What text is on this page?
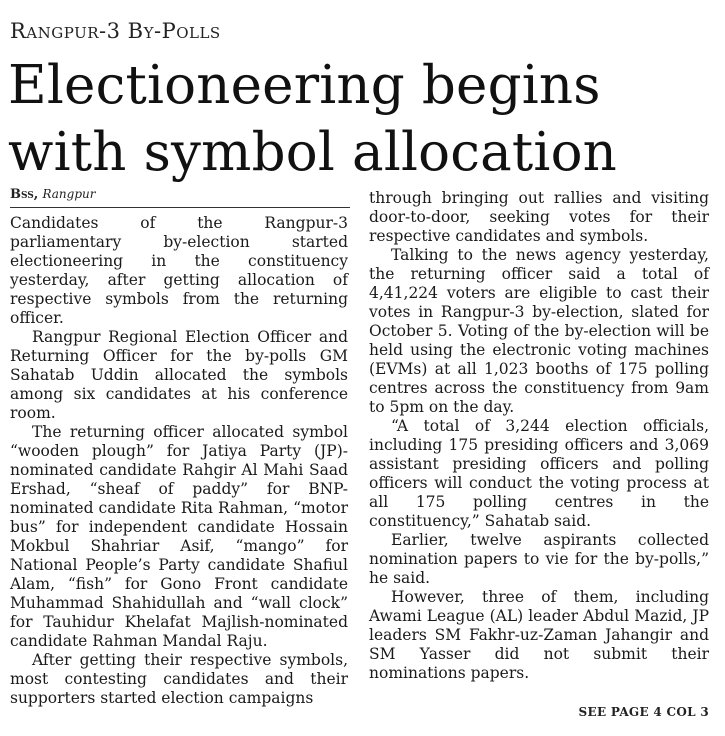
Rangpur-3 By-Polls
Electioneering begins with symbol allocation
Bss, Rangpur

Candidates of the Rangpur-3 parliamentary by-election started electioneering in the constituency yesterday, after getting allocation of respective symbols from the returning officer.

Rangpur Regional Election Officer and Returning Officer for the by-polls GM Sahatab Uddin allocated the symbols among six candidates at his conference room.

The returning officer allocated symbol “wooden plough” for Jatiya Party (JP)-nominated candidate Rahgir Al Mahi Saad Ershad, “sheaf of paddy” for BNP-nominated candidate Rita Rahman, “motor bus” for independent candidate Hossain Mokbul Shahriar Asif, “mango” for National People’s Party candidate Shafiul Alam, “fish” for Gono Front candidate Muhammad Shahidullah and “wall clock” for Tauhidur Khelafat Majlish-nominated candidate Rahman Mandal Raju.

After getting their respective symbols, most contesting candidates and their supporters started election campaigns

through bringing out rallies and visiting door-to-door, seeking votes for their respective candidates and symbols.

Talking to the news agency yesterday, the returning officer said a total of 4,41,224 voters are eligible to cast their votes in Rangpur-3 by-election, slated for October 5. Voting of the by-election will be held using the electronic voting machines (EVMs) at all 1,023 booths of 175 polling centres across the constituency from 9am to 5pm on the day.

“A total of 3,244 election officials, including 175 presiding officers and 3,069 assistant presiding officers and polling officers will conduct the voting process at all 175 polling centres in the constituency,” Sahatab said.

Earlier, twelve aspirants collected nomination papers to vie for the by-polls,” he said.

However, three of them, including Awami League (AL) leader Abdul Mazid, JP leaders SM Fakhr-uz-Zaman Jahangir and SM Yasser did not submit their nominations papers.

SEE PAGE 4 COL 3
